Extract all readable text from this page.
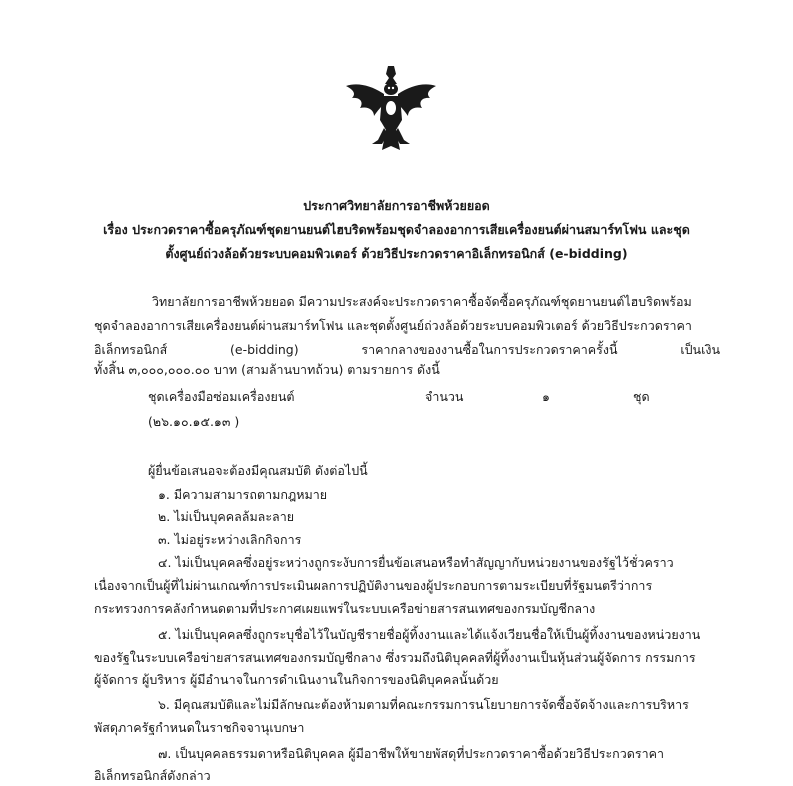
ประกาศวิทยาลัยการอาชีพห้วยยอด
เรื่อง ประกวดราคาซื้อครุภัณฑ์ชุดยานยนต์ไฮบริดพร้อมชุดจำลองอาการเสียเครื่องยนต์ผ่านสมาร์ทโฟน และชุด
ตั้งศูนย์ถ่วงล้อด้วยระบบคอมพิวเตอร์ ด้วยวิธีประกวดราคาอิเล็กทรอนิกส์ (e-bidding)
วิทยาลัยการอาชีพห้วยยอด มีความประสงค์จะประกวดราคาซื้อจัดซื้อครุภัณฑ์ชุดยานยนต์ไฮบริดพร้อม
ชุดจำลองอาการเสียเครื่องยนต์ผ่านสมาร์ทโฟน และชุดตั้งศูนย์ถ่วงล้อด้วยระบบคอมพิวเตอร์ ด้วยวิธีประกวดราคา
อิเล็กทรอนิกส์ (e-bidding) ราคากลางของงานซื้อในการประกวดราคาครั้งนี้ เป็นเงิน
ทั้งสิ้น ๓,๐๐๐,๐๐๐.๐๐ บาท (สามล้านบาทถ้วน) ตามรายการ ดังนี้
ชุดเครื่องมือซ่อมเครื่องยนต์	จำนวน	๑	ชุด
(๒๖.๑๐.๑๕.๑๓ )
ผู้ยื่นข้อเสนอจะต้องมีคุณสมบัติ ดังต่อไปนี้
๑. มีความสามารถตามกฎหมาย
๒. ไม่เป็นบุคคลล้มละลาย
๓. ไม่อยู่ระหว่างเลิกกิจการ
๔. ไม่เป็นบุคคลซึ่งอยู่ระหว่างถูกระงับการยื่นข้อเสนอหรือทำสัญญากับหน่วยงานของรัฐไว้ชั่วคราว
เนื่องจากเป็นผู้ที่ไม่ผ่านเกณฑ์การประเมินผลการปฏิบัติงานของผู้ประกอบการตามระเบียบที่รัฐมนตรีว่าการ
กระทรวงการคลังกำหนดตามที่ประกาศเผยแพร่ในระบบเครือข่ายสารสนเทศของกรมบัญชีกลาง
๕. ไม่เป็นบุคคลซึ่งถูกระบุชื่อไว้ในบัญชีรายชื่อผู้ทิ้งงานและได้แจ้งเวียนชื่อให้เป็นผู้ทิ้งงานของหน่วยงาน
ของรัฐในระบบเครือข่ายสารสนเทศของกรมบัญชีกลาง ซึ่งรวมถึงนิติบุคคลที่ผู้ทิ้งงานเป็นหุ้นส่วนผู้จัดการ กรรมการ
ผู้จัดการ ผู้บริหาร ผู้มีอำนาจในการดำเนินงานในกิจการของนิติบุคคลนั้นด้วย
๖. มีคุณสมบัติและไม่มีลักษณะต้องห้ามตามที่คณะกรรมการนโยบายการจัดซื้อจัดจ้างและการบริหาร
พัสดุภาครัฐกำหนดในราชกิจจานุเบกษา
๗. เป็นบุคคลธรรมดาหรือนิติบุคคล ผู้มีอาชีพให้ขายพัสดุที่ประกวดราคาซื้อด้วยวิธีประกวดราคา
อิเล็กทรอนิกส์ดังกล่าว
